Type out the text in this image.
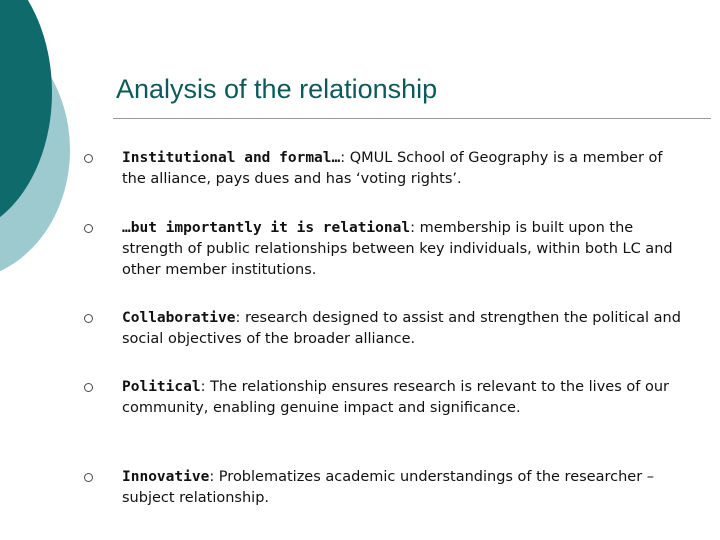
Analysis of the relationship
Institutional and formal…: QMUL School of Geography is a member of the alliance, pays dues and has ‘voting rights’.
…but importantly it is relational: membership is built upon the strength of public relationships between key individuals, within both LC and other member institutions.
Collaborative: research designed to assist and strengthen the political and social objectives of the broader alliance.
Political: The relationship ensures research is relevant to the lives of our community, enabling genuine impact and significance.
Innovative: Problematizes academic understandings of the researcher – subject relationship.
